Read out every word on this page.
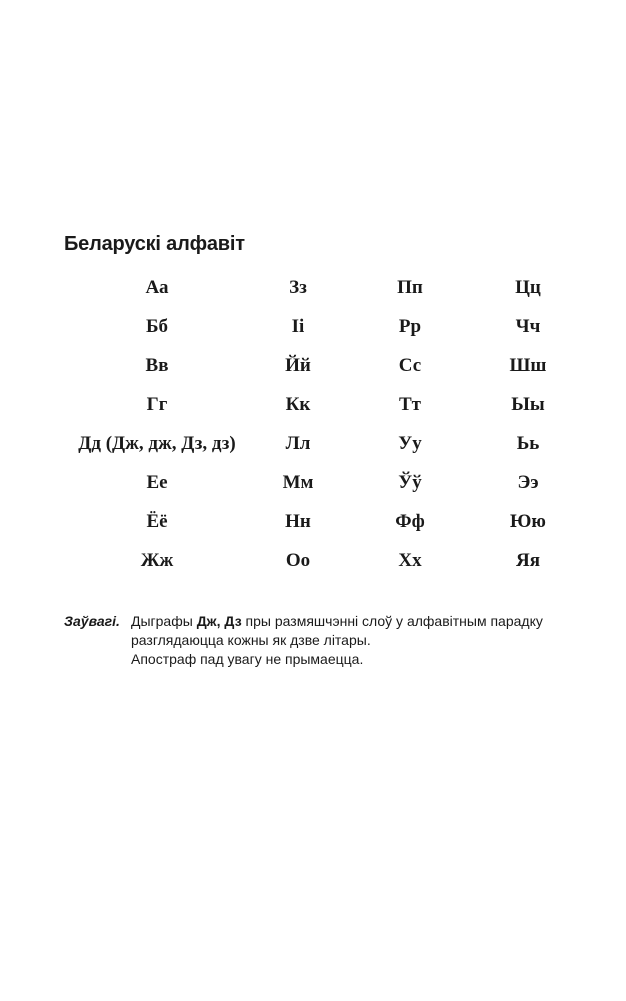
Беларускі алфавіт
Аа
Бб
Вв
Гг
Дд (Дж, дж, Дз, дз)
Ее
Ёё
Жж
Зз
Іі
Йй
Кк
Лл
Мм
Нн
Оо
Пп
Рр
Сс
Тт
Уу
Ўў
Фф
Хх
Цц
Чч
Шш
Ыы
Ьь
Ээ
Юю
Яя
Заўвагі. Дыграфы Дж, Дз пры размяшчэнні слоў у алфавітным парадку
разглядаюцца кожны як дзве літары.
Апостраф пад увагу не прымаецца.
